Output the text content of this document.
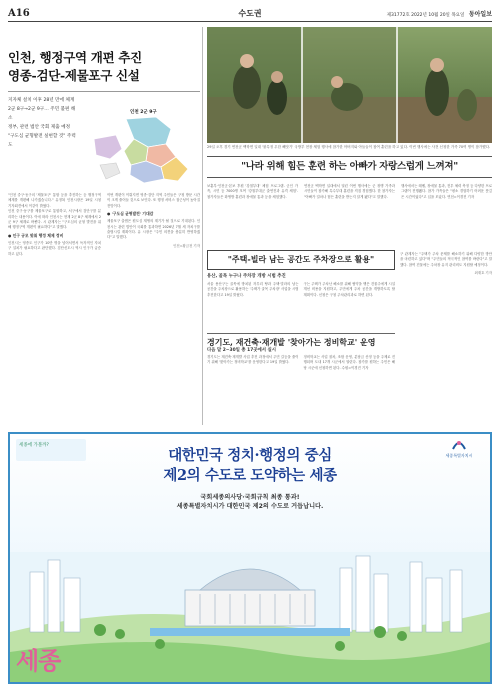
A16	수도권	제31772호 2022년 10월 20일 목요일 동아일보
인천, 행정구역 개편 추진
영종-검단-제물포구 신설
지자체 설치 이후 28년 만에 체계
2군 8구→2군 9구… 주민 불편 해소
정부, 관련 법안 국회 제출 예정
"구도심 균형발전 실현할 것" 주력도
인천 2군 9구

"인천 중구·동구의 '제물포구' 통합 등을 추진하는 등 행정구역 체계를 개편해 나가겠습니다." 유정복 인천시장은 19일 시청 기자회견에서 이같이 밝혔다.

인천 중구·동구를 제물포구로 통합하고, 서구에서 검단구를 분리하는 내용이다. 이에 따라 인천시는 현재 2군 8구 체계에서 2군 9구 체계로 바뀐다. 시 관계자는 "구도심의 균형 발전을 위해 행정구역 개편이 필요하다"고 말했다.

● 인구 규모 맞춰 행정 체제 정비

인천시는 영종도 인구가 10만 명을 넘어서면서 독자적인 자치구 설치가 필요하다고 판단했다. 검단신도시 역시 인구가 급증하고 있다.

이번 개편이 이뤄지면 영종·검단 지역 주민들은 구청 방문 시간이 크게 줄어들 것으로 보인다. 또 행정 서비스 접근성이 높아질 전망이다.

● '구도심 균형발전' 기대감

제물포구 출범은 원도심 재생의 계기가 될 것으로 기대된다. 인천시는 관련 법안이 국회를 통과하면 2026년 7월 새 자치구를 출범시킬 계획이다. 유 시장은 "주민 의견을 충분히 반영하겠다"고 말했다.

인천=황금천 기자

29일 오후 경기 연천군 백학면 일대 '불특정 무한 빼앗기' 국방부 현장 체험 행사에 참가한 아버지와 아들들이 참여 훈련을 하고 있다. 이번 행사에는 사전 신청한 가족 70여 명이 참가했다.
"나라 위해 힘든 훈련 하는 아빠가 자랑스럽게 느껴져"

보훈부·인천군·본보 후원 '강철부대' 체험 프로그램. 군인 가족, 시민 등 7000명 모여 '강철부대군 출연진과 유격 체험'. 참가자들은 화생방 훈련과 장애물 통과 등을 체험했다.

연천군 백학면 일대에서 열린 이번 행사에는 군 장병 가족과 시민들이 참가해 특수부대 훈련을 직접 경험했다. 한 참가자는 "아빠가 얼마나 힘든 훈련을 받는지 알게 됐다"고 말했다.

행사에서는 레펠, 장애물 통과, 전투 체력 측정 등 다양한 프로그램이 진행됐다. 참가 가족들은 "평소 경험하기 어려운 뜻깊은 시간이었다"고 입을 모았다. 연천=이경진 기자

"주택-빌라 남는 공간도 주차장으로 활용"
용산, 골목 누구나 주차장 개방 시범 추진

서울 용산구는 골목에 방치된 자투리 땅과 주택·빌라의 남는 공간을 주차장으로 활용하는 '주택가 골목 주차장' 사업을 시범 추진한다고 19일 밝혔다.

구는 주택가 주차난 해소를 위해 협약을 맺은 건물주에게 시설 개선 비용을 지원하고, 주민에게 주차 공간을 개방하도록 할 계획이다. 신청은 구청 주차관리과로 하면 된다.

구 관계자는 "주택가 주차 문제를 해소하기 위해 다양한 방안을 마련하고 있다"며 "주민들의 적극적인 참여를 바란다"고 말했다. 참여 건물에는 주차장 유지 관리비도 지원할 예정이다.

최재호 기자

경기도, 재건축·재개발 '찾아가는 정비학교' 운영
다음 달 2~30일 총 17곳에서 실시

경기도는 재건축·재개발 사업 추진 과정에서 주민 갈등을 줄이기 위해 '찾아가는 정비학교'를 운영한다고 19일 밝혔다.

정비학교는 사업 절차, 조합 운영, 분담금 산정 등을 주제로 진행되며 도내 17개 시군에서 열린다. 참가를 원하는 주민은 해당 시군에 신청하면 된다. 수원=이경진 기자

세종에 가볼까?
세종특별자치시
대한민국 정치·행정의 중심
제2의 수도로 도약하는 세종
국회세종의사당·국회규칙 최종 통과!
세종특별자치시가 대한민국 제2의 수도로 거듭납니다.
세종
